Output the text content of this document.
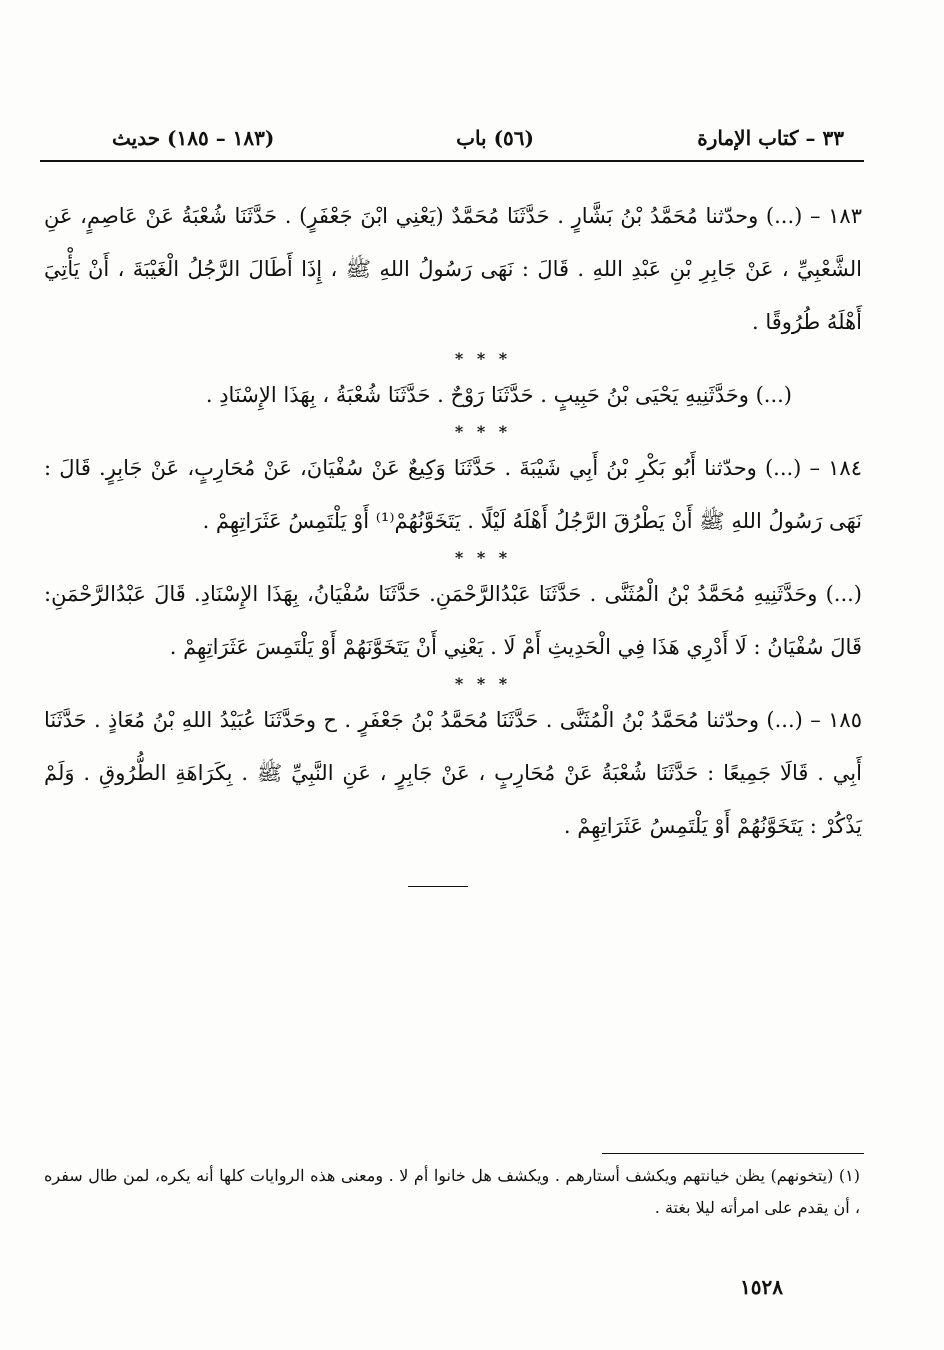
٣٣ – كتاب الإمارة
(٥٦) باب
(١٨٣ – ١٨٥) حديث

١٨٣ – (...) وحدّثنا مُحَمَّدُ بْنُ بَشَّارٍ . حَدَّثَنَا مُحَمَّدٌ (يَعْنِي ابْنَ جَعْفَرٍ) . حَدَّثَنَا شُعْبَةُ عَنْ عَاصِمٍ، عَنِ الشَّعْبِيِّ ، عَنْ جَابِرِ بْنِ عَبْدِ اللهِ . قَالَ : نَهَى رَسُولُ اللهِ ﷺ ، إِذَا أَطَالَ الرَّجُلُ الْغَيْبَةَ ، أَنْ يَأْتِيَ أَهْلَهُ طُرُوقًا .

* * *

(...) وحَدَّثَنِيهِ يَحْيَى بْنُ حَبِيبٍ . حَدَّثَنَا رَوْحٌ . حَدَّثَنَا شُعْبَةُ ، بِهَذَا الإِسْنَادِ .

* * *

١٨٤ – (...) وحدّثنا أَبُو بَكْرِ بْنُ أَبِي شَيْبَةَ . حَدَّثَنَا وَكِيعٌ عَنْ سُفْيَانَ، عَنْ مُحَارِبٍ، عَنْ جَابِرٍ. قَالَ : نَهَى رَسُولُ اللهِ ﷺ أَنْ يَطْرُقَ الرَّجُلُ أَهْلَهُ لَيْلًا . يَتَخَوَّنُهُمْ⁽¹⁾ أَوْ يَلْتَمِسُ عَثَرَاتِهِمْ .

* * *

(...) وحَدَّثَنِيهِ مُحَمَّدُ بْنُ الْمُثَنَّى . حَدَّثَنَا عَبْدُالرَّحْمَنِ. حَدَّثَنَا سُفْيَانُ، بِهَذَا الإِسْنَادِ. قَالَ عَبْدُالرَّحْمَنِ: قَالَ سُفْيَانُ : لَا أَدْرِي هَذَا فِي الْحَدِيثِ أَمْ لَا . يَعْنِي أَنْ يَتَخَوَّنَهُمْ أَوْ يَلْتَمِسَ عَثَرَاتِهِمْ .

* * *

١٨٥ – (...) وحدّثنا مُحَمَّدُ بْنُ الْمُثَنَّى . حَدَّثَنَا مُحَمَّدُ بْنُ جَعْفَرٍ . ح وحَدَّثَنَا عُبَيْدُ اللهِ بْنُ مُعَاذٍ . حَدَّثَنَا أَبِي . قَالَا جَمِيعًا : حَدَّثَنَا شُعْبَةُ عَنْ مُحَارِبٍ ، عَنْ جَابِرٍ ، عَنِ النَّبِيِّ ﷺ . بِكَرَاهَةِ الطُّرُوقِ . وَلَمْ يَذْكُرْ : يَتَخَوَّنُهُمْ أَوْ يَلْتَمِسُ عَثَرَاتِهِمْ .

(١) (يتخونهم) يظن خيانتهم ويكشف أستارهم . ويكشف هل خانوا أم لا . ومعنى هذه الروايات كلها أنه يكره، لمن طال سفره ، أن يقدم على امرأته ليلا بغتة .
١٥٢٨
